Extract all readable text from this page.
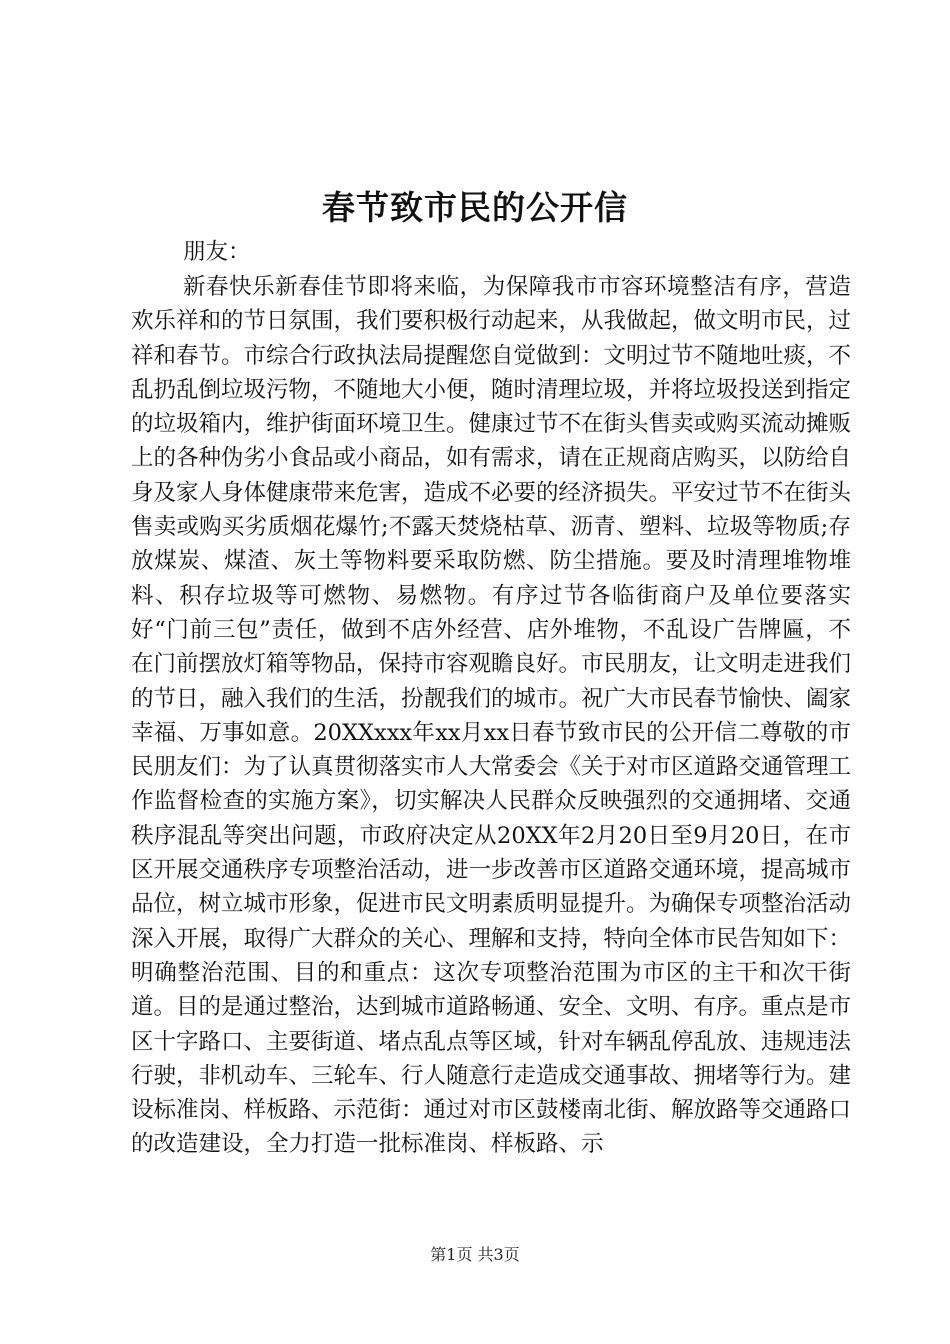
春节致市民的公开信
朋友：

新春快乐新春佳节即将来临，为保障我市市容环境整洁有序，营造欢乐祥和的节日氛围，我们要积极行动起来，从我做起，做文明市民，过祥和春节。市综合行政执法局提醒您自觉做到：文明过节不随地吐痰，不乱扔乱倒垃圾污物，不随地大小便，随时清理垃圾，并将垃圾投送到指定的垃圾箱内，维护街面环境卫生。健康过节不在街头售卖或购买流动摊贩上的各种伪劣小食品或小商品，如有需求，请在正规商店购买，以防给自身及家人身体健康带来危害，造成不必要的经济损失。平安过节不在街头售卖或购买劣质烟花爆竹;不露天焚烧枯草、沥青、塑料、垃圾等物质;存放煤炭、煤渣、灰土等物料要采取防燃、防尘措施。要及时清理堆物堆料、积存垃圾等可燃物、易燃物。有序过节各临街商户及单位要落实好“门前三包”责任，做到不店外经营、店外堆物，不乱设广告牌匾，不在门前摆放灯箱等物品，保持市容观瞻良好。市民朋友，让文明走进我们的节日，融入我们的生活，扮靓我们的城市。祝广大市民春节愉快、阖家幸福、万事如意。20XXxxx年xx月xx日春节致市民的公开信二尊敬的市民朋友们：为了认真贯彻落实市人大常委会《关于对市区道路交通管理工作监督检查的实施方案》，切实解决人民群众反映强烈的交通拥堵、交通秩序混乱等突出问题，市政府决定从20XX年2月20日至9月20日，在市区开展交通秩序专项整治活动，进一步改善市区道路交通环境，提高城市品位，树立城市形象，促进市民文明素质明显提升。为确保专项整治活动深入开展，取得广大群众的关心、理解和支持，特向全体市民告知如下：明确整治范围、目的和重点：这次专项整治范围为市区的主干和次干街道。目的是通过整治，达到城市道路畅通、安全、文明、有序。重点是市区十字路口、主要街道、堵点乱点等区域，针对车辆乱停乱放、违规违法行驶，非机动车、三轮车、行人随意行走造成交通事故、拥堵等行为。建设标准岗、样板路、示范街：通过对市区鼓楼南北街、解放路等交通路口的改造建设，全力打造一批标准岗、样板路、示

第1页 共3页
